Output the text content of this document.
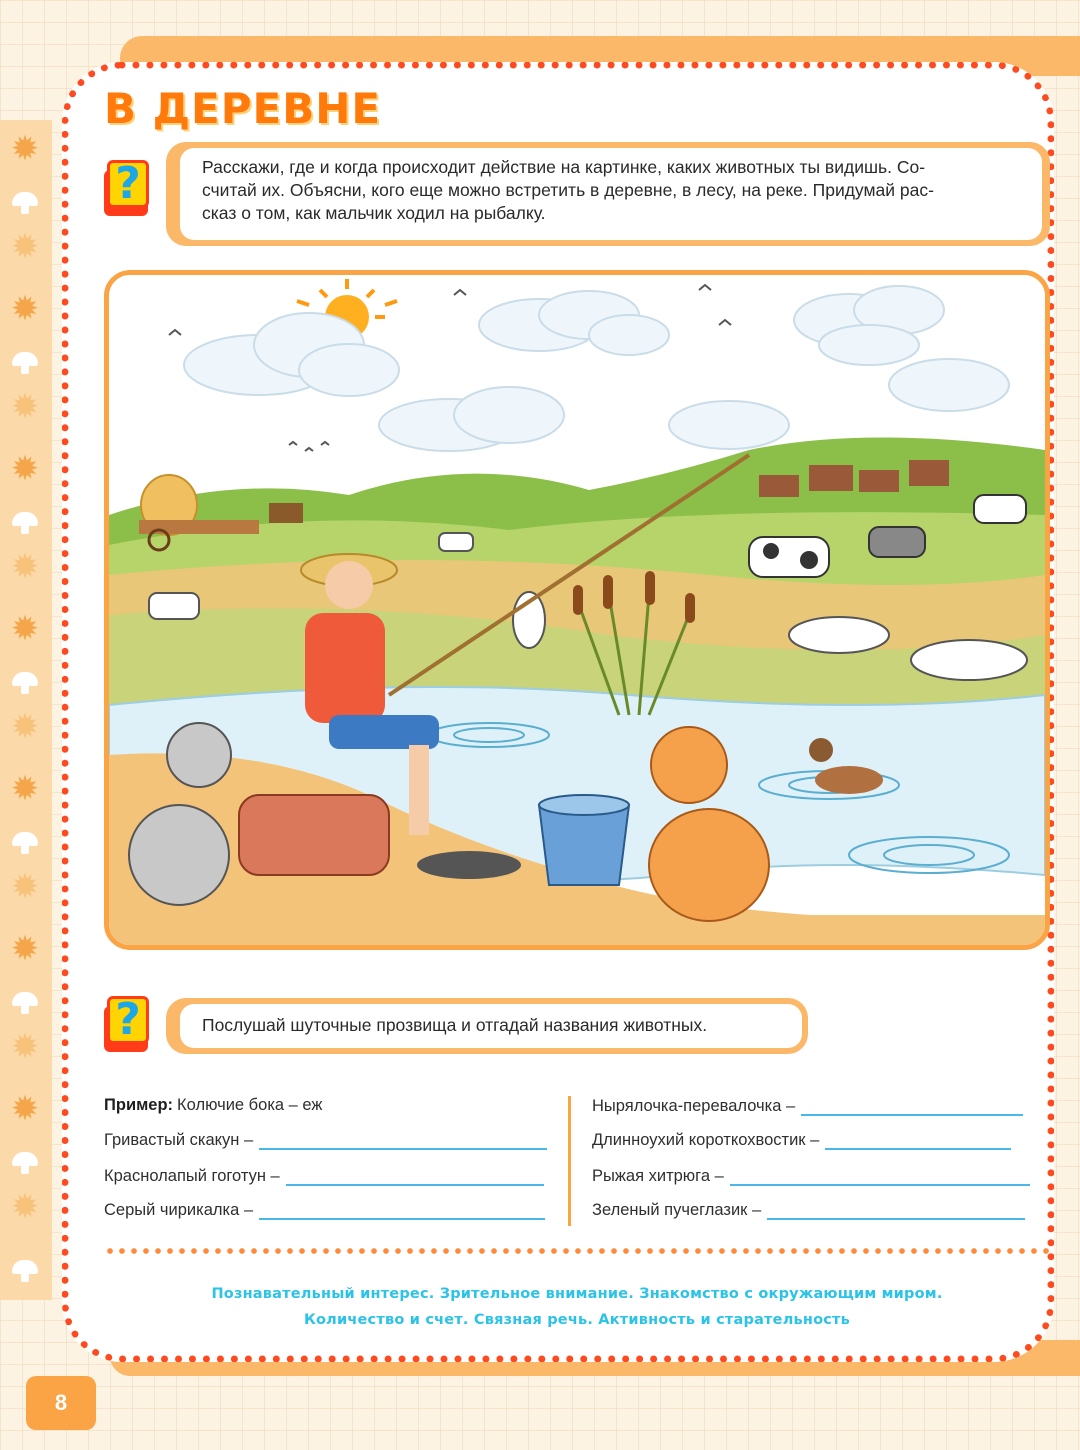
✹
✹
✹
✹
✹
✹
✹
✹
✹
✹
✹
✹
✹
✹
В ДЕРЕВНЕ
?	Расскажи, где и когда происходит действие на картинке, каких животных ты видишь. Со-
считай их. Объясни, кого еще можно встретить в деревне, в лесу, на реке. Придумай рас-
сказ о том, как мальчик ходил на рыбалку.
?	Послушай шуточные прозвища и отгадай названия животных.
Пример: Колючие бока – еж
Гривастый скакун –
Краснолапый гоготун –
Серый чирикалка –
Нырялочка-перевалочка –
Длинноухий короткохвостик –
Рыжая хитрюга –
Зеленый пучеглазик –
Познавательный интерес. Зрительное внимание. Знакомство с окружающим миром.
Количество и счет. Связная речь. Активность и старательность
8
